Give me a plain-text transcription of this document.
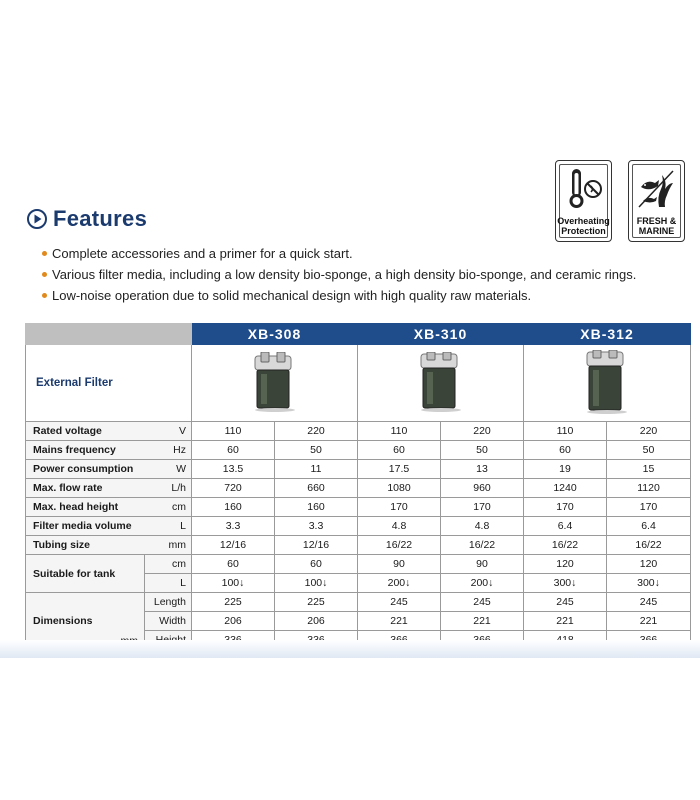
Overheating
Protection
FRESH &
MARINE
Features
Complete accessories and a primer for a quick start.
Various filter media, including a low density bio-sponge, a high density bio-sponge, and ceramic rings.
Low-noise operation due to solid mechanical design with high quality raw materials.
		XB-308		XB-310		XB-312	
External Filter			
Rated voltage	V	110	220	110	220	110	220
Mains frequency	Hz	60	50	60	50	60	50
Power consumption	W	13.5	11	17.5	13	19	15
Max. flow rate	L/h	720	660	1080	960	1240	1120
Max. head height	cm	160	160	170	170	170	170
Filter media volume	L	3.3	3.3	4.8	4.8	6.4	6.4
Tubing size	mm	12/16	12/16	16/22	16/22	16/22	16/22
Suitable for tank	cm	60	60	90	90	120	120
	L	100↓	100↓	200↓	200↓	300↓	300↓
Dimensions	Length	225	225	245	245	245	245
	Width	206	206	221	221	221	221
